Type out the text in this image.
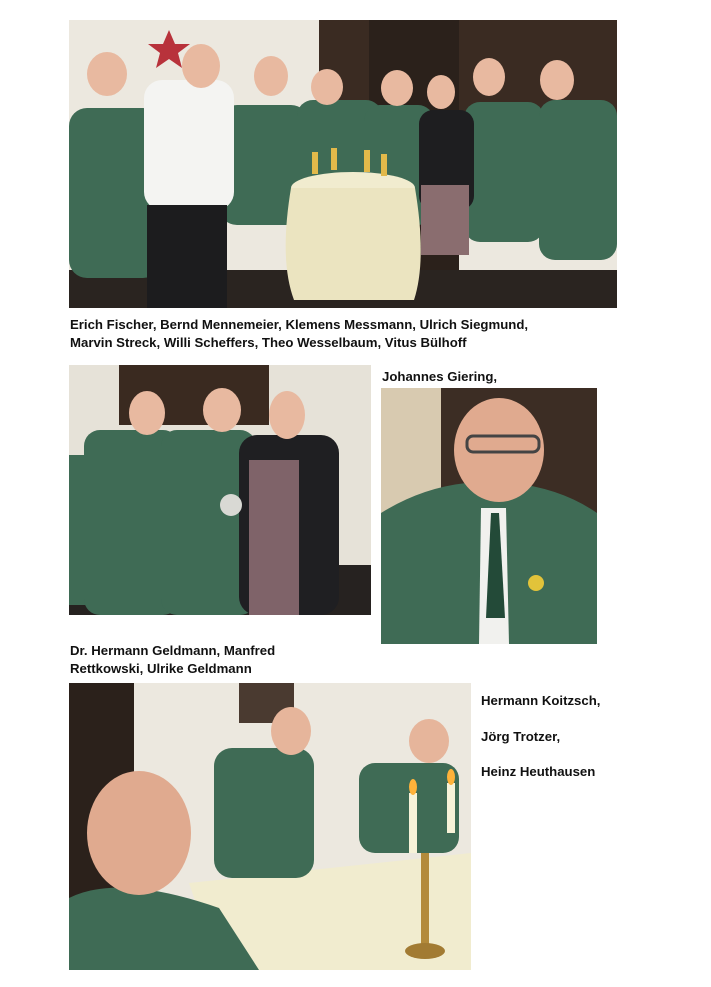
Erich Fischer, Bernd Mennemeier, Klemens Messmann, Ulrich Siegmund,
Marvin Streck, Willi Scheffers, Theo Wesselbaum, Vitus Bülhoff
Johannes Giering,
Dr. Hermann Geldmann, Manfred
Rettkowski, Ulrike Geldmann
Hermann Koitzsch,
Jörg Trotzer,
Heinz Heuthausen
